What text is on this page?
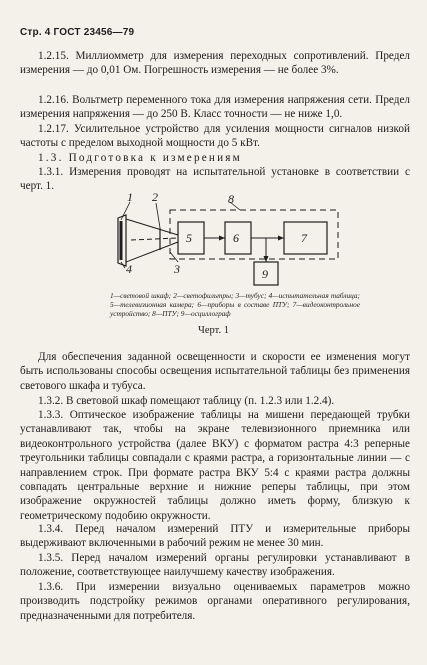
Стр. 4 ГОСТ 23456—79

1.2.15. Миллиомметр для измерения переходных сопротивлений. Предел измерения — до 0,01 Ом. Погрешность измерения — не более 3%.

1.2.16. Вольтметр переменного тока для измерения напряжения сети. Предел измерения напряжения — до 250 В. Класс точности — не ниже 1,0.

1.2.17. Усилительное устройство для усиления мощности сигналов низкой частоты с пределом выходной мощности до 5 кВт.

1.3. Подготовка к измерениям

1.3.1. Измерения проводят на испытательной установке в соответствии с черт. 1.

1 2
3
4
5	6	7
8
9
1—световой шкаф; 2—светофильтры; 3—тубус; 4—испытательная таблица; 5—телевизионная камера; 6—приборы в составе ПТУ; 7—видеоконтрольное устройство; 8—ПТУ; 9—осциллограф
Черт. 1

Для обеспечения заданной освещенности и скорости ее изменения могут быть использованы способы освещения испытательной таблицы без применения светового шкафа и тубуса.

1.3.2. В световой шкаф помещают таблицу (п. 1.2.3 или 1.2.4).

1.3.3. Оптическое изображение таблицы на мишени передающей трубки устанавливают так, чтобы на экране телевизионного приемника или видеоконтрольного устройства (далее ВКУ) с форматом растра 4:3 реперные треугольники таблицы совпадали с краями растра, а горизонтальные линии — с направлением строк. При формате растра ВКУ 5:4 с краями растра должны совпадать центральные верхние и нижние реперы таблицы, при этом изображение окружностей таблицы должно иметь форму, близкую к геометрическому подобию окружности.

1.3.4. Перед началом измерений ПТУ и измерительные приборы выдерживают включенными в рабочий режим не менее 30 мин.

1.3.5. Перед началом измерений органы регулировки устанавливают в положение, соответствующее наилучшему качеству изображения.

1.3.6. При измерении визуально оцениваемых параметров можно производить подстройку режимов органами оперативного регулирования, предназначенными для потребителя.
